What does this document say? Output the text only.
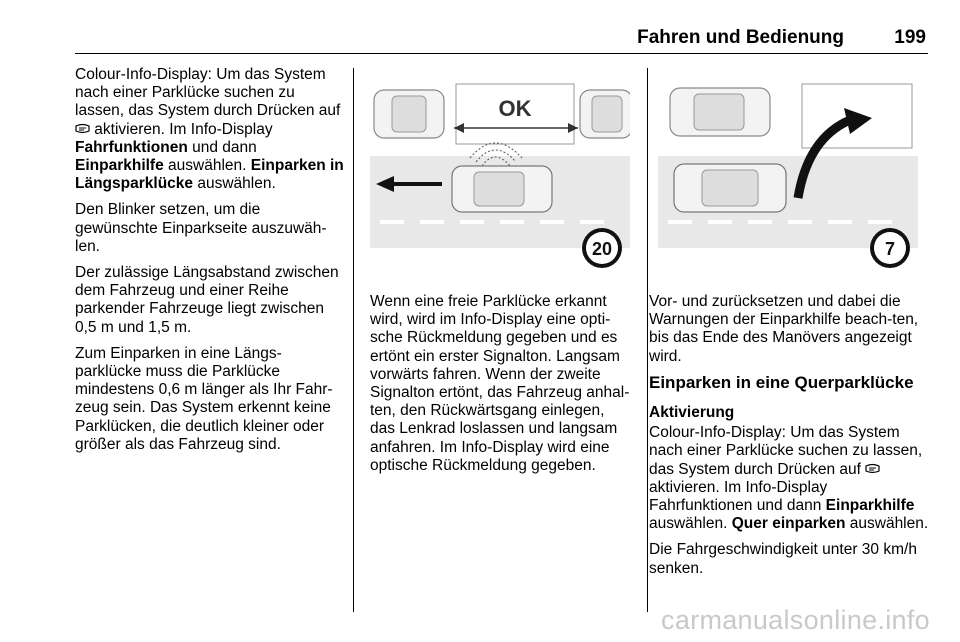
Fahren und Bedienung	199

Colour-Info-Display: Um das System nach einer Parklücke suchen zu lassen, das System durch Drücken auf  aktivieren. Im Info-Display Fahrfunktionen und dann Einparkhilfe auswählen. Einparken in Längsparklücke auswählen.

Den Blinker setzen, um die gewünschte Einparkseite auszuwäh-len.

Der zulässige Längsabstand zwischen dem Fahrzeug und einer Reihe parkender Fahrzeuge liegt zwischen 0,5 m und 1,5 m.

Zum Einparken in eine Längs-parklücke muss die Parklücke mindestens 0,6 m länger als Ihr Fahr-zeug sein. Das System erkennt keine Parklücken, die deutlich kleiner oder größer als das Fahrzeug sind.

OK
20	7

Wenn eine freie Parklücke erkannt wird, wird im Info-Display eine opti-sche Rückmeldung gegeben und es ertönt ein erster Signalton. Langsam vorwärts fahren. Wenn der zweite Signalton ertönt, das Fahrzeug anhal-ten, den Rückwärtsgang einlegen, das Lenkrad loslassen und langsam anfahren. Im Info-Display wird eine optische Rückmeldung gegeben.

Vor- und zurücksetzen und dabei die Warnungen der Einparkhilfe beach-ten, bis das Ende des Manövers angezeigt wird.

Einparken in eine Querparklücke
Aktivierung

Colour-Info-Display: Um das System nach einer Parklücke suchen zu lassen, das System durch Drücken auf  aktivieren. Im Info-Display Fahrfunktionen und dann Einparkhilfe auswählen. Quer einparken auswählen.

Die Fahrgeschwindigkeit unter 30 km/h senken.

carmanualsonline.info
